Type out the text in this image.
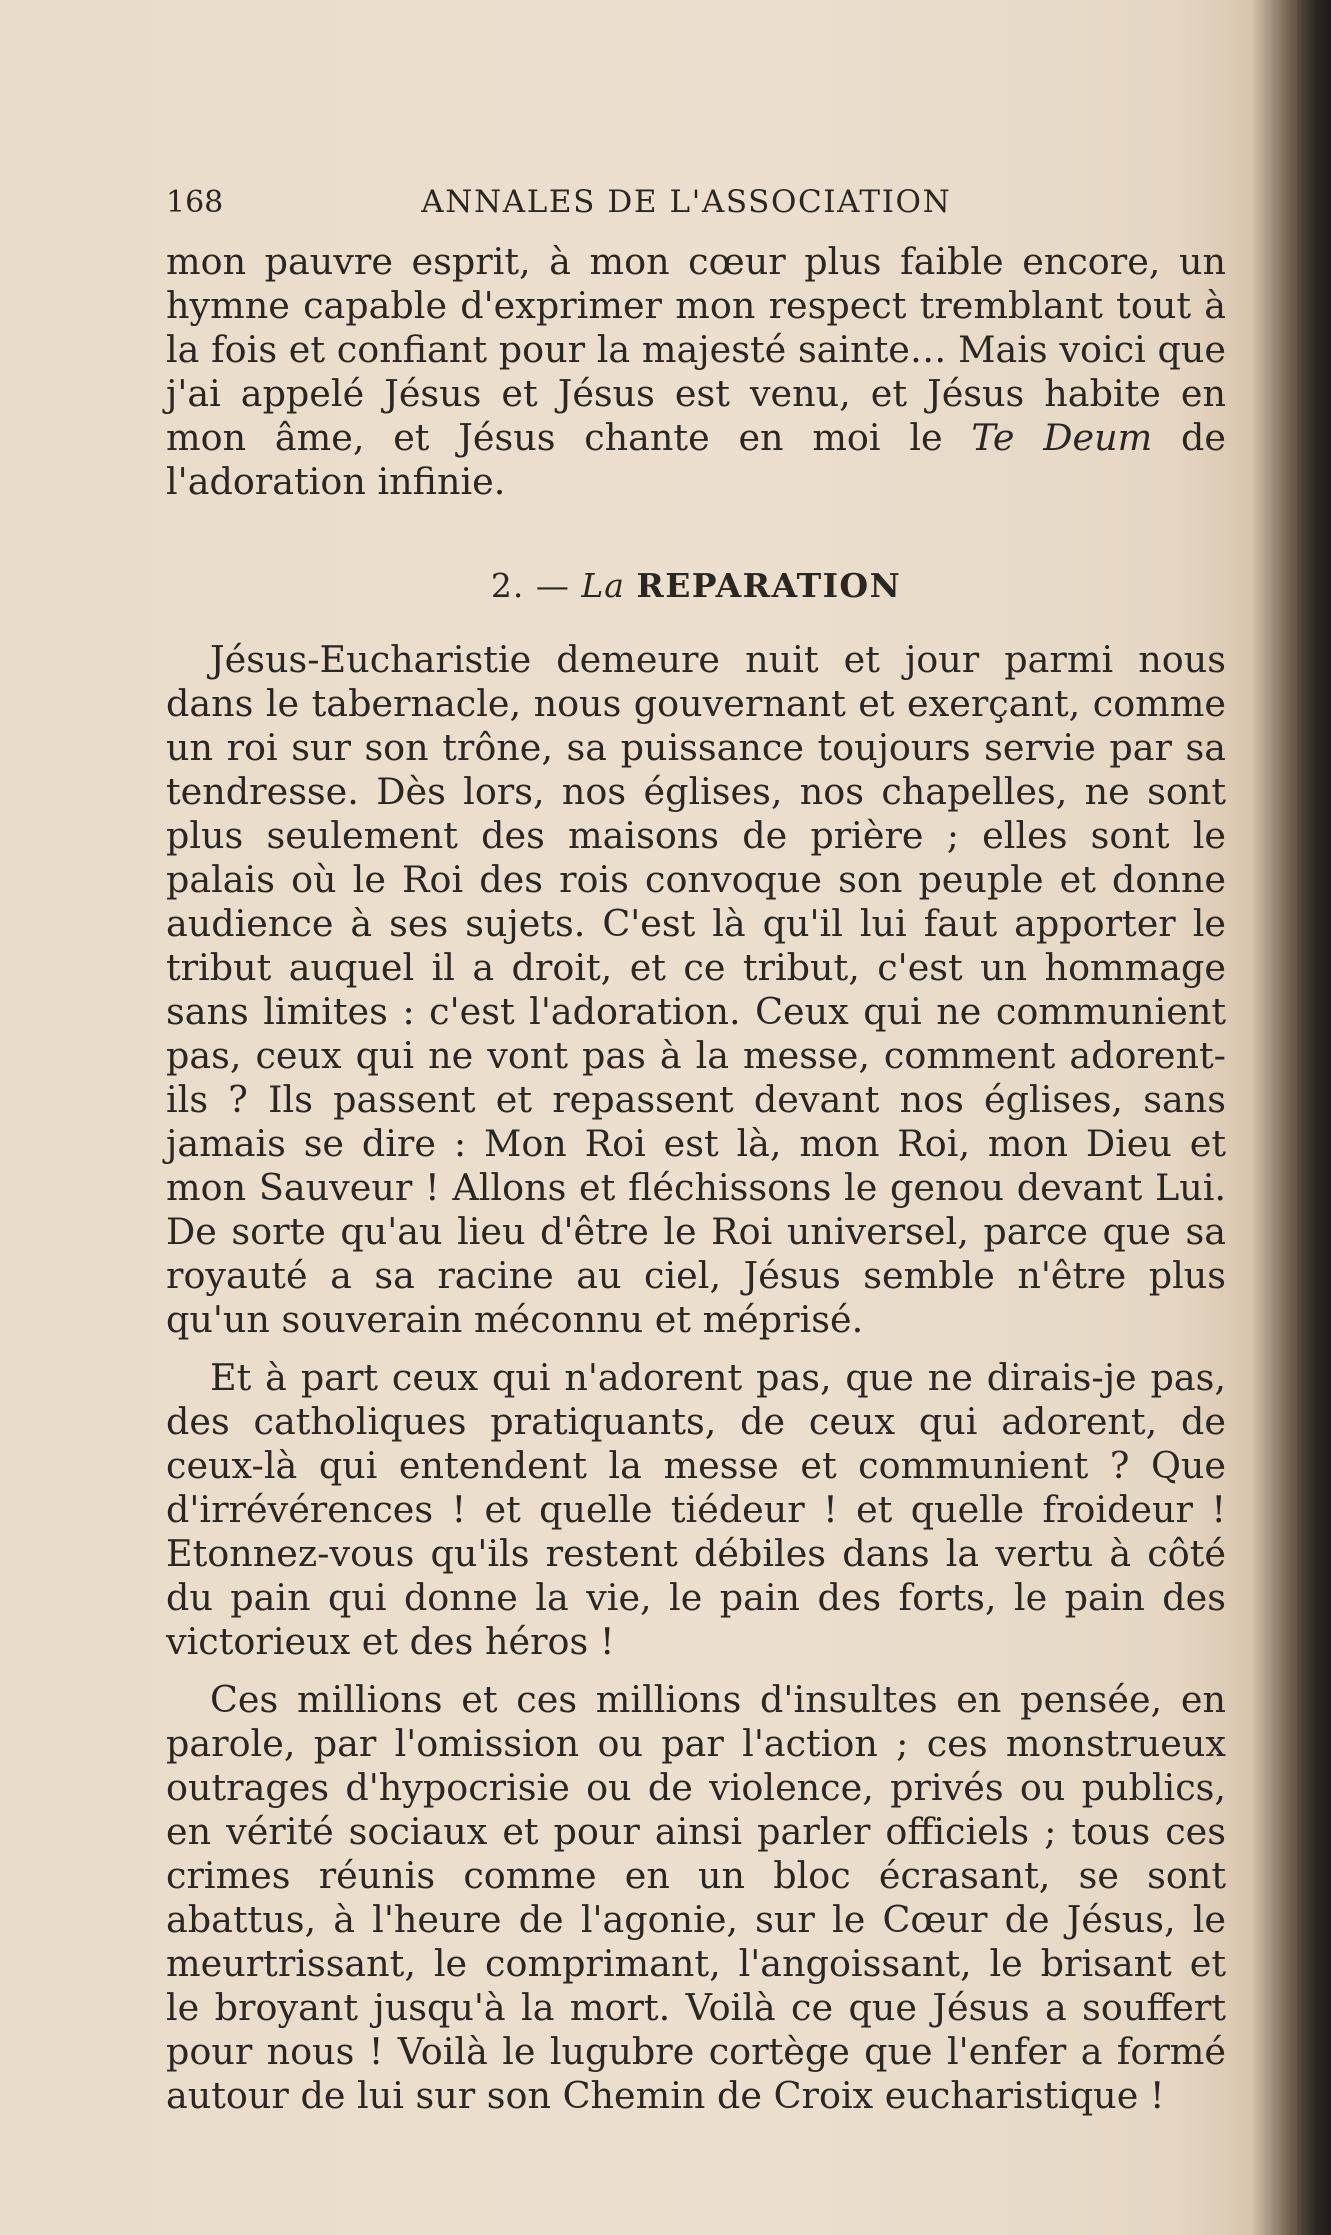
168	ANNALES DE L'ASSOCIATION

mon pauvre esprit, à mon cœur plus faible encore, un hymne capable d'exprimer mon respect tremblant tout à la fois et confiant pour la majesté sainte… Mais voici que j'ai appelé Jésus et Jésus est venu, et Jésus habite en mon âme, et Jésus chante en moi le Te Deum de l'adoration infinie.

2. — La REPARATION

Jésus-Eucharistie demeure nuit et jour parmi nous dans le tabernacle, nous gouvernant et exerçant, comme un roi sur son trône, sa puissance toujours servie par sa tendresse. Dès lors, nos églises, nos chapelles, ne sont plus seulement des maisons de prière ; elles sont le palais où le Roi des rois convoque son peuple et donne audience à ses sujets. C'est là qu'il lui faut apporter le tribut auquel il a droit, et ce tribut, c'est un hommage sans limites : c'est l'adoration. Ceux qui ne communient pas, ceux qui ne vont pas à la messe, comment adorent-ils ? Ils passent et repassent devant nos églises, sans jamais se dire : Mon Roi est là, mon Roi, mon Dieu et mon Sauveur ! Allons et fléchissons le genou devant Lui. De sorte qu'au lieu d'être le Roi universel, parce que sa royauté a sa racine au ciel, Jésus semble n'être plus qu'un souverain méconnu et méprisé.

Et à part ceux qui n'adorent pas, que ne dirais-je pas, des catholiques pratiquants, de ceux qui adorent, de ceux-là qui entendent la messe et communient ? Que d'irrévérences ! et quelle tiédeur ! et quelle froideur ! Etonnez-vous qu'ils restent débiles dans la vertu à côté du pain qui donne la vie, le pain des forts, le pain des victorieux et des héros !

Ces millions et ces millions d'insultes en pensée, en parole, par l'omission ou par l'action ; ces monstrueux outrages d'hypocrisie ou de violence, privés ou publics, en vérité sociaux et pour ainsi parler officiels ; tous ces crimes réunis comme en un bloc écrasant, se sont abattus, à l'heure de l'agonie, sur le Cœur de Jésus, le meurtrissant, le comprimant, l'angoissant, le brisant et le broyant jusqu'à la mort. Voilà ce que Jésus a souffert pour nous ! Voilà le lugubre cortège que l'enfer a formé autour de lui sur son Chemin de Croix eucharistique !
